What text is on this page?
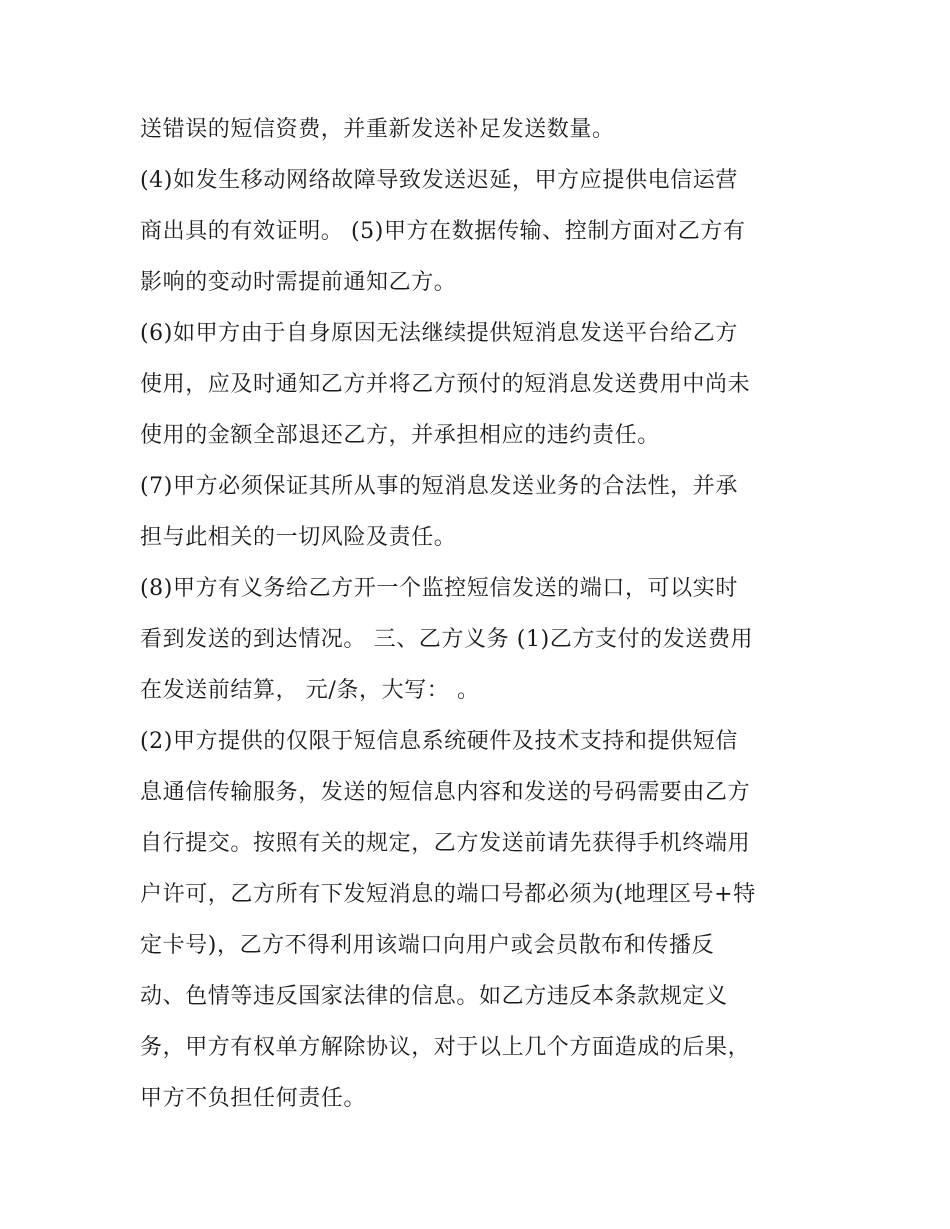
送错误的短信资费，并重新发送补足发送数量。
(4)如发生移动网络故障导致发送迟延，甲方应提供电信运营
商出具的有效证明。 (5)甲方在数据传输、控制方面对乙方有
影响的变动时需提前通知乙方。
(6)如甲方由于自身原因无法继续提供短消息发送平台给乙方
使用，应及时通知乙方并将乙方预付的短消息发送费用中尚未
使用的金额全部退还乙方，并承担相应的违约责任。
(7)甲方必须保证其所从事的短消息发送业务的合法性，并承
担与此相关的一切风险及责任。
(8)甲方有义务给乙方开一个监控短信发送的端口，可以实时
看到发送的到达情况。 三、乙方义务 (1)乙方支付的发送费用
在发送前结算， 元/条，大写： 。
(2)甲方提供的仅限于短信息系统硬件及技术支持和提供短信
息通信传输服务，发送的短信息内容和发送的号码需要由乙方
自行提交。按照有关的规定，乙方发送前请先获得手机终端用
户许可，乙方所有下发短消息的端口号都必须为(地理区号+特
定卡号)，乙方不得利用该端口向用户或会员散布和传播反
动、色情等违反国家法律的信息。如乙方违反本条款规定义
务，甲方有权单方解除协议，对于以上几个方面造成的后果，
甲方不负担任何责任。
